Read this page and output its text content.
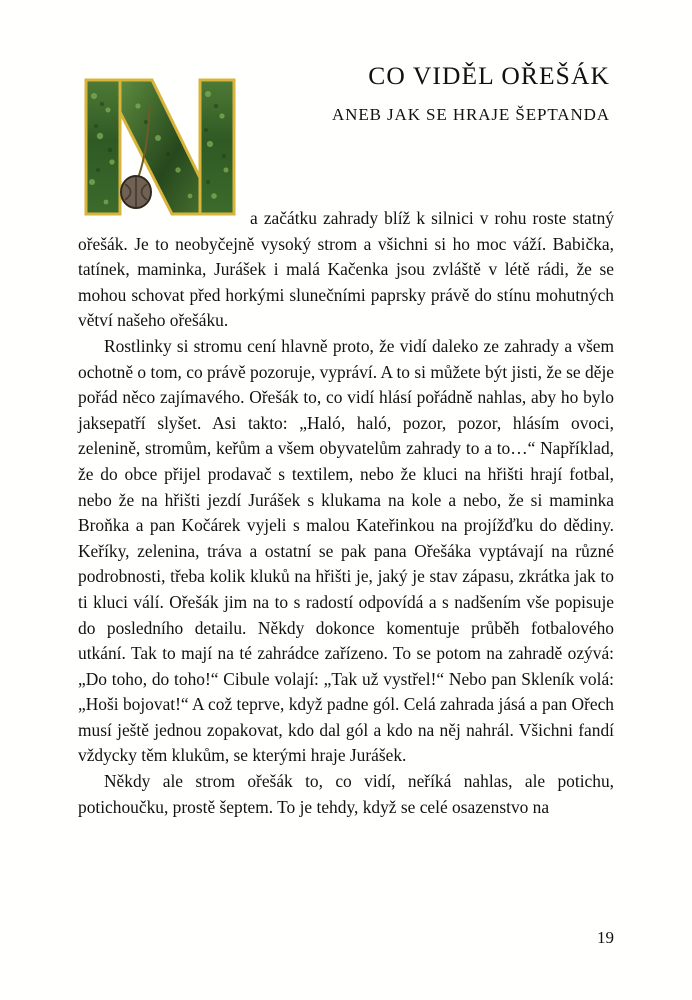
CO VIDĚL OŘEŠÁK
ANEB JAK SE HRAJE ŠEPTANDA

a začátku zahrady blíž k silnici v rohu roste statný ořešák. Je to neobyčejně vysoký strom a všichni si ho moc váží. Babička, tatínek, maminka, Jurášek i malá Kačenka jsou zvláště v létě rádi, že se mohou schovat před horkými slunečními paprsky právě do stínu mohutných větví našeho ořešáku.

Rostlinky si stromu cení hlavně proto, že vidí daleko ze zahrady a všem ochotně o tom, co právě pozoruje, vypráví. A to si můžete být jisti, že se děje pořád něco zajímavého. Ořešák to, co vidí hlásí pořádně nahlas, aby ho bylo jaksepatří slyšet. Asi takto: „Haló, haló, pozor, pozor, hlásím ovoci, zelenině, stromům, keřům a všem obyvatelům zahrady to a to…“ Například, že do obce přijel prodavač s textilem, nebo že kluci na hřišti hrají fotbal, nebo že na hřišti jezdí Jurášek s klukama na kole a nebo, že si maminka Broňka a pan Kočárek vyjeli s malou Kateřinkou na projížďku do dědiny. Keříky, zelenina, tráva a ostatní se pak pana Ořešáka vyptávají na různé podrobnosti, třeba kolik kluků na hřišti je, jaký je stav zápasu, zkrátka jak to ti kluci válí. Ořešák jim na to s radostí odpovídá a s nadšením vše popisuje do posledního detailu. Někdy dokonce komentuje průběh fotbalového utkání. Tak to mají na té zahrádce zařízeno. To se potom na zahradě ozývá: „Do toho, do toho!“ Cibule volají: „Tak už vystřel!“ Nebo pan Skleník volá: „Hoši bojovat!“ A což teprve, když padne gól. Celá zahrada jásá a pan Ořech musí ještě jednou zopakovat, kdo dal gól a kdo na něj nahrál. Všichni fandí vždycky těm klukům, se kterými hraje Jurášek.

Někdy ale strom ořešák to, co vidí, neříká nahlas, ale potichu, potichoučku, prostě šeptem. To je tehdy, když se celé osazenstvo na

19
